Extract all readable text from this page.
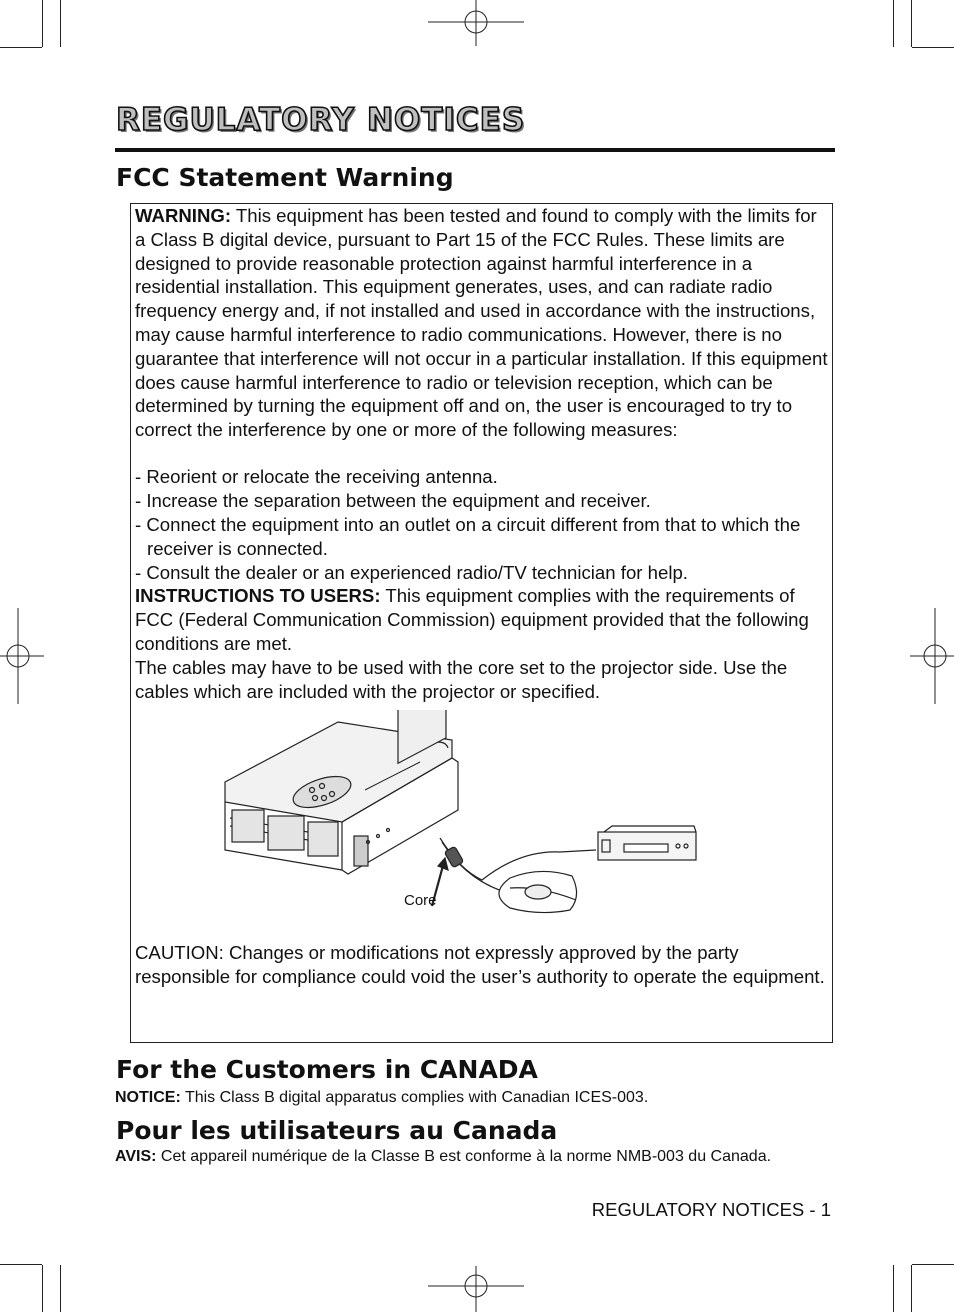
REGULATORY NOTICES
FCC Statement Warning

WARNING: This equipment has been tested and found to comply with the limits for a Class B digital device, pursuant to Part 15 of the FCC Rules. These limits are designed to provide reasonable protection against harmful interference in a residential installation. This equipment generates, uses, and can radiate radio frequency energy and, if not installed and used in accordance with the instructions, may cause harmful interference to radio communications. However, there is no guarantee that interference will not occur in a particular installation. If this equipment does cause harmful interference to radio or television reception, which can be determined by turning the equipment off and on, the user is encouraged to try to correct the interference by one or more of the following measures:

- Reorient or relocate the receiving antenna.

- Increase the separation between the equipment and receiver.

- Connect the equipment into an outlet on a circuit different from that to which the receiver is connected.

- Consult the dealer or an experienced radio/TV technician for help.

INSTRUCTIONS TO USERS: This equipment complies with the requirements of FCC (Federal Communication Commission) equipment provided that the following conditions are met.

The cables may have to be used with the core set to the projector side. Use the cables which are included with the projector or specified.

Core

CAUTION: Changes or modifications not expressly approved by the party responsible for compliance could void the user’s authority to operate the equipment.

For the Customers in CANADA
NOTICE: This Class B digital apparatus complies with Canadian ICES-003.
Pour les utilisateurs au Canada
AVIS: Cet appareil numérique de la Classe B est conforme à la norme NMB-003 du Canada.
REGULATORY NOTICES - 1
